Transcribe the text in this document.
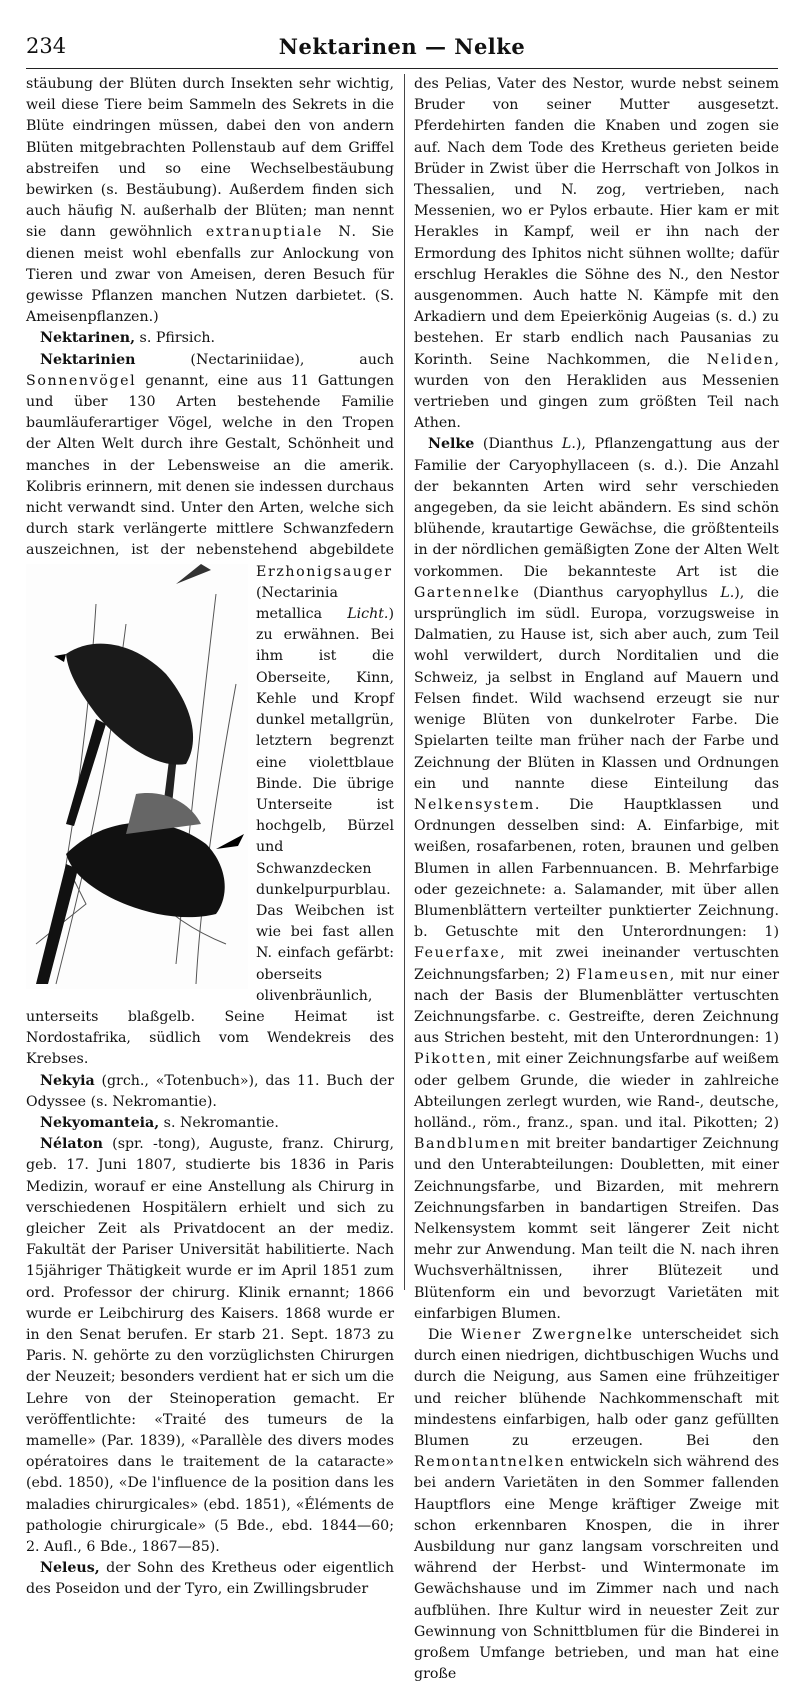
234	Nektarinen — Nelke

stäubung der Blüten durch Insekten sehr wichtig, weil diese Tiere beim Sammeln des Sekrets in die Blüte eindringen müssen, dabei den von andern Blüten mitgebrachten Pollenstaub auf dem Griffel abstreifen und so eine Wechselbestäubung bewirken (s. Bestäubung). Außerdem finden sich auch häufig N. außerhalb der Blüten; man nennt sie dann gewöhnlich extranuptiale N. Sie dienen meist wohl ebenfalls zur Anlockung von Tieren und zwar von Ameisen, deren Besuch für gewisse Pflanzen manchen Nutzen darbietet. (S. Ameisenpflanzen.)

Nektarinen, s. Pfirsich.

Nektarinien (Nectariniidae), auch Sonnenvögel genannt, eine aus 11 Gattungen und über 130 Arten bestehende Familie baumläuferartiger Vögel, welche in den Tropen der Alten Welt durch ihre Gestalt, Schönheit und manches in der Lebensweise an die amerik. Kolibris erinnern, mit denen sie indessen durchaus nicht verwandt sind. Unter den Arten, welche sich durch stark verlängerte mittlere Schwanzfedern auszeichnen, ist der nebenstehend abgebildete
Erzhonigsauger (Nectarinia metallica Licht.) zu erwähnen. Bei ihm ist die Oberseite, Kinn, Kehle und Kropf dunkel metallgrün, letztern begrenzt eine violettblaue Binde. Die übrige Unterseite ist hochgelb, Bürzel und Schwanzdecken dunkelpurpurblau. Das Weibchen ist wie bei fast allen N. einfach gefärbt: oberseits olivenbräunlich, unterseits blaßgelb. Seine Heimat ist Nordostafrika, südlich vom Wendekreis des Krebses.

Nekyia (grch., «Totenbuch»), das 11. Buch der Odyssee (s. Nekromantie).

Nekyomanteia, s. Nekromantie.

Nélaton (spr. -tong), Auguste, franz. Chirurg, geb. 17. Juni 1807, studierte bis 1836 in Paris Medizin, worauf er eine Anstellung als Chirurg in verschiedenen Hospitälern erhielt und sich zu gleicher Zeit als Privatdocent an der mediz. Fakultät der Pariser Universität habilitierte. Nach 15jähriger Thätigkeit wurde er im April 1851 zum ord. Professor der chirurg. Klinik ernannt; 1866 wurde er Leibchirurg des Kaisers. 1868 wurde er in den Senat berufen. Er starb 21. Sept. 1873 zu Paris. N. gehörte zu den vorzüglichsten Chirurgen der Neuzeit; besonders verdient hat er sich um die Lehre von der Steinoperation gemacht. Er veröffentlichte: «Traité des tumeurs de la mamelle» (Par. 1839), «Parallèle des divers modes opératoires dans le traitement de la cataracte» (ebd. 1850), «De l'influence de la position dans les maladies chirurgicales» (ebd. 1851), «Éléments de pathologie chirurgicale» (5 Bde., ebd. 1844—60; 2. Aufl., 6 Bde., 1867—85).

Neleus, der Sohn des Kretheus oder eigentlich des Poseidon und der Tyro, ein Zwillingsbruder

des Pelias, Vater des Nestor, wurde nebst seinem Bruder von seiner Mutter ausgesetzt. Pferdehirten fanden die Knaben und zogen sie auf. Nach dem Tode des Kretheus gerieten beide Brüder in Zwist über die Herrschaft von Jolkos in Thessalien, und N. zog, vertrieben, nach Messenien, wo er Pylos erbaute. Hier kam er mit Herakles in Kampf, weil er ihn nach der Ermordung des Iphitos nicht sühnen wollte; dafür erschlug Herakles die Söhne des N., den Nestor ausgenommen. Auch hatte N. Kämpfe mit den Arkadiern und dem Epeierkönig Augeias (s. d.) zu bestehen. Er starb endlich nach Pausanias zu Korinth. Seine Nachkommen, die Neliden, wurden von den Herakliden aus Messenien vertrieben und gingen zum größten Teil nach Athen.

Nelke (Dianthus L.), Pflanzengattung aus der Familie der Caryophyllaceen (s. d.). Die Anzahl der bekannten Arten wird sehr verschieden angegeben, da sie leicht abändern. Es sind schön blühende, krautartige Gewächse, die größtenteils in der nördlichen gemäßigten Zone der Alten Welt vorkommen. Die bekannteste Art ist die Gartennelke (Dianthus caryophyllus L.), die ursprünglich im südl. Europa, vorzugsweise in Dalmatien, zu Hause ist, sich aber auch, zum Teil wohl verwildert, durch Norditalien und die Schweiz, ja selbst in England auf Mauern und Felsen findet. Wild wachsend erzeugt sie nur wenige Blüten von dunkelroter Farbe. Die Spielarten teilte man früher nach der Farbe und Zeichnung der Blüten in Klassen und Ordnungen ein und nannte diese Einteilung das Nelkensystem. Die Hauptklassen und Ordnungen desselben sind: A. Einfarbige, mit weißen, rosafarbenen, roten, braunen und gelben Blumen in allen Farbennuancen. B. Mehrfarbige oder gezeichnete: a. Salamander, mit über allen Blumenblättern verteilter punktierter Zeichnung. b. Getuschte mit den Unterordnungen: 1) Feuerfaxe, mit zwei ineinander vertuschten Zeichnungsfarben; 2) Flameusen, mit nur einer nach der Basis der Blumenblätter vertuschten Zeichnungsfarbe. c. Gestreifte, deren Zeichnung aus Strichen besteht, mit den Unterordnungen: 1) Pikotten, mit einer Zeichnungsfarbe auf weißem oder gelbem Grunde, die wieder in zahlreiche Abteilungen zerlegt wurden, wie Rand-, deutsche, holländ., röm., franz., span. und ital. Pikotten; 2) Bandblumen mit breiter bandartiger Zeichnung und den Unterabteilungen: Doubletten, mit einer Zeichnungsfarbe, und Bizarden, mit mehrern Zeichnungsfarben in bandartigen Streifen. Das Nelkensystem kommt seit längerer Zeit nicht mehr zur Anwendung. Man teilt die N. nach ihren Wuchsverhältnissen, ihrer Blütezeit und Blütenform ein und bevorzugt Varietäten mit einfarbigen Blumen.

Die Wiener Zwergnelke unterscheidet sich durch einen niedrigen, dichtbuschigen Wuchs und durch die Neigung, aus Samen eine frühzeitiger und reicher blühende Nachkommenschaft mit mindestens einfarbigen, halb oder ganz gefüllten Blumen zu erzeugen. Bei den Remontantnelken entwickeln sich während des bei andern Varietäten in den Sommer fallenden Hauptflors eine Menge kräftiger Zweige mit schon erkennbaren Knospen, die in ihrer Ausbildung nur ganz langsam vorschreiten und während der Herbst- und Wintermonate im Gewächshause und im Zimmer nach und nach aufblühen. Ihre Kultur wird in neuester Zeit zur Gewinnung von Schnittblumen für die Binderei in großem Umfange betrieben, und man hat eine große
